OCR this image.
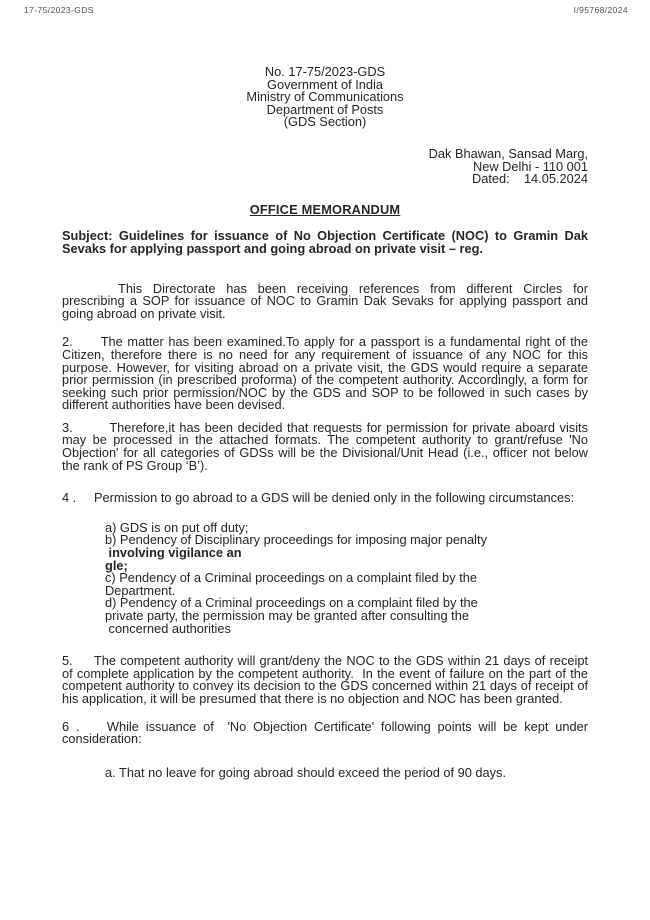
17-75/2023-GDS	I/95768/2024
No. 17-75/2023-GDS
Government of India
Ministry of Communications
Department of Posts
(GDS Section)
Dak Bhawan, Sansad Marg,
New Delhi - 110 001
Dated:    14.05.2024
OFFICE MEMORANDUM
Subject: Guidelines for issuance of No Objection Certificate (NOC) to Gramin Dak Sevaks for applying passport and going abroad on private visit – reg.

This Directorate has been receiving references from different Circles for prescribing a SOP for issuance of NOC to Gramin Dak Sevaks for applying passport and going abroad on private visit.

2.      The matter has been examined.To apply for a passport is a fundamental right of the Citizen, therefore there is no need for any requirement of issuance of any NOC for this purpose. However, for visiting abroad on a private visit, the GDS would require a separate prior permission (in prescribed proforma) of the competent authority. Accordingly, a form for seeking such prior permission/NOC by the GDS and SOP to be followed in such cases by different authorities have been devised.

3.        Therefore,it has been decided that requests for permission for private aboard visits may be processed in the attached formats. The competent authority to grant/refuse 'No Objection' for all categories of GDSs will be the Divisional/Unit Head (i.e., officer not below the rank of PS Group ‘B’).

4 .     Permission to go abroad to a GDS will be denied only in the following circumstances:

a) GDS is on put off duty;
b) Pendency of Disciplinary proceedings for imposing major penalty
involving vigilance an
gle;
c) Pendency of a Criminal proceedings on a complaint filed by the
Department.
d) Pendency of a Criminal proceedings on a complaint filed by the
private party, the permission may be granted after consulting the
concerned authorities

5.     The competent authority will grant/deny the NOC to the GDS within 21 days of receipt of complete application by the competent authority.  In the event of failure on the part of the competent authority to convey its decision to the GDS concerned within 21 days of receipt of his application, it will be presumed that there is no objection and NOC has been granted.

6 .    While issuance of  'No Objection Certificate' following points will be kept under consideration:

a. That no leave for going abroad should exceed the period of 90 days.
